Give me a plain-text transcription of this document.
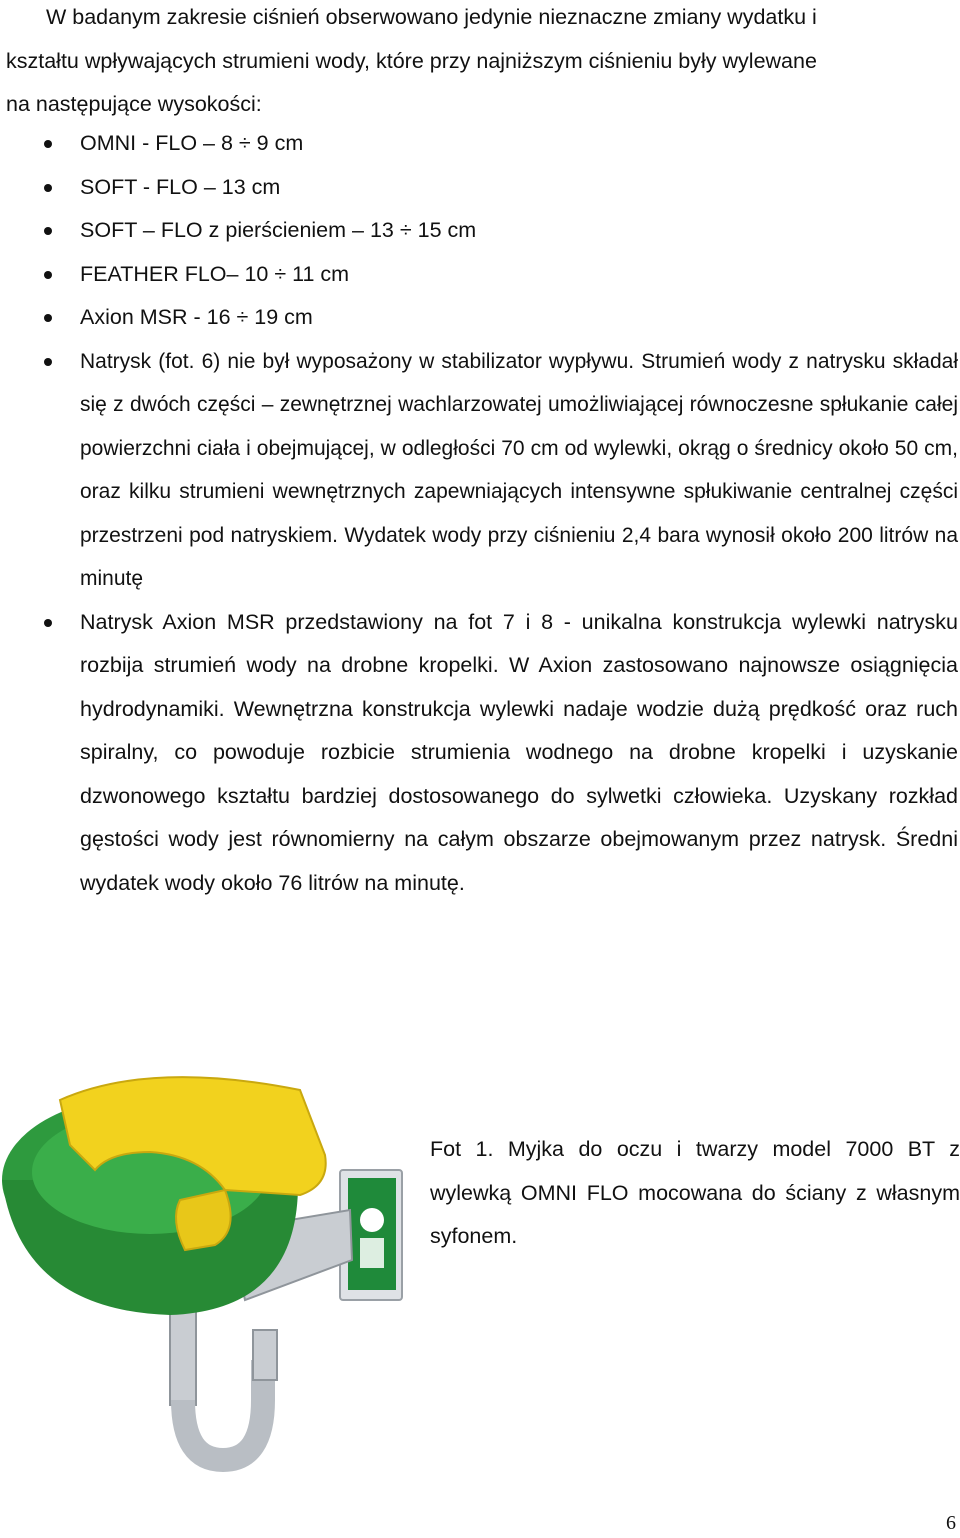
W badanym zakresie ciśnień obserwowano jedynie nieznaczne zmiany wydatku i
kształtu wpływających strumieni wody, które przy najniższym ciśnieniu były wylewane
na następujące wysokości:
OMNI - FLO – 8 ÷ 9 cm
SOFT - FLO – 13 cm
SOFT – FLO z pierścieniem – 13 ÷ 15 cm
FEATHER FLO– 10 ÷ 11 cm
Axion MSR - 16 ÷ 19 cm
Natrysk (fot. 6) nie był wyposażony w stabilizator wypływu. Strumień wody z natrysku składał się z dwóch części – zewnętrznej wachlarzowatej umożliwiającej równoczesne spłukanie całej powierzchni ciała i obejmującej, w odległości 70 cm od wylewki, okrąg o średnicy około 50 cm, oraz kilku strumieni wewnętrznych zapewniających intensywne spłukiwanie centralnej części przestrzeni pod natryskiem. Wydatek wody przy ciśnieniu 2,4 bara wynosił około 200 litrów na minutę
Natrysk Axion MSR przedstawiony na fot 7 i 8 - unikalna konstrukcja wylewki natrysku rozbija strumień wody na drobne kropelki. W Axion zastosowano najnowsze osiągnięcia hydrodynamiki. Wewnętrzna konstrukcja wylewki nadaje wodzie dużą prędkość oraz ruch spiralny, co powoduje rozbicie strumienia wodnego na drobne kropelki i uzyskanie dzwonowego kształtu bardziej dostosowanego do sylwetki człowieka. Uzyskany rozkład gęstości wody jest równomierny na całym obszarze obejmowanym przez natrysk. Średni wydatek wody około 76 litrów na minutę.

Fot 1. Myjka do oczu i twarzy model 7000 BT z wylewką OMNI FLO mocowana do ściany z własnym syfonem.

6
